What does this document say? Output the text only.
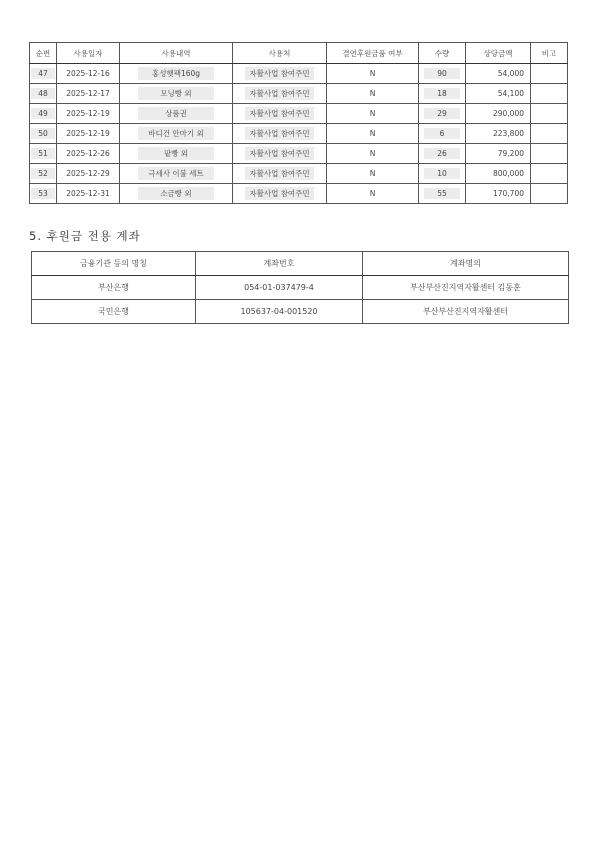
순번	사용일자	사용내역	사용처	결연후원금품 여부	수량	상당금액	비고
47	2025-12-16	홍성햇팩160g	자활사업 참여주민	N	90	54,000	
48	2025-12-17	모닝빵 외	자활사업 참여주민	N	18	54,100	
49	2025-12-19	상품권	자활사업 참여주민	N	29	290,000	
50	2025-12-19	바디건 안마기 외	자활사업 참여주민	N	6	223,800	
51	2025-12-26	팥빵 외	자활사업 참여주민	N	26	79,200	
52	2025-12-29	극세사 이불 세트	자활사업 참여주민	N	10	800,000	
53	2025-12-31	소금빵 외	자활사업 참여주민	N	55	170,700	
5. 후원금 전용 계좌
금융기관 등의 명칭	계좌번호	계좌명의
부산은행	054-01-037479-4	부산부산진지역자활센터 김동훈
국민은행	105637-04-001520	부산부산진지역자활센터
